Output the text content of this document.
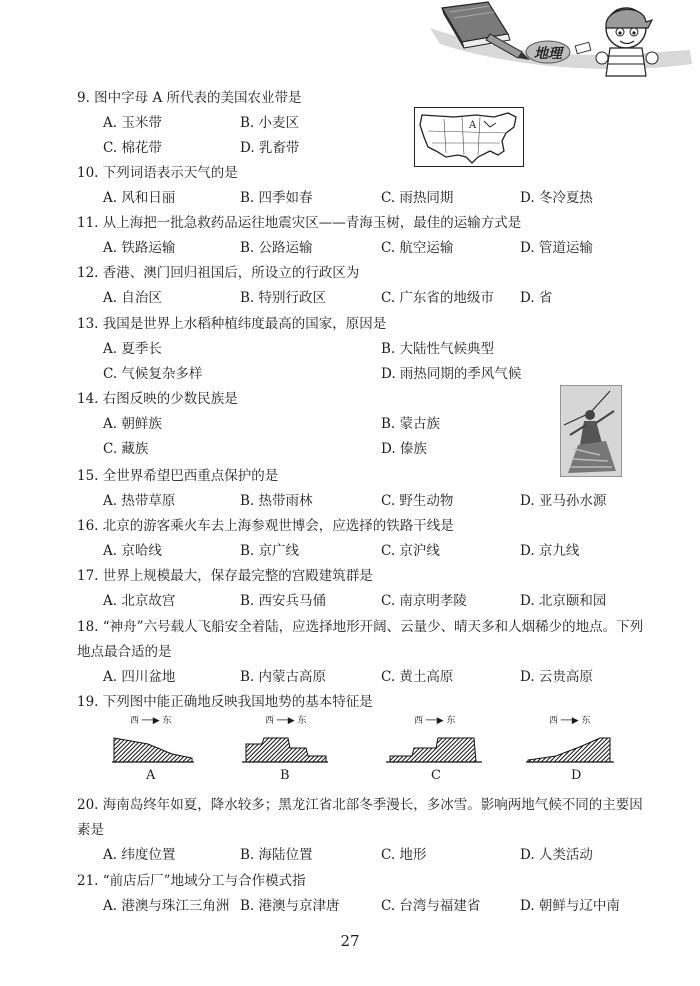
地理
9. 图中字母 A 所代表的美国农业带是
A. 玉米带	B. 小麦区
C. 棉花带	D. 乳畜带
A
10. 下列词语表示天气的是
A. 风和日丽	B. 四季如春	C. 雨热同期	D. 冬冷夏热
11. 从上海把一批急救药品运往地震灾区——青海玉树，最佳的运输方式是
A. 铁路运输	B. 公路运输	C. 航空运输	D. 管道运输
12. 香港、澳门回归祖国后，所设立的行政区为
A. 自治区	B. 特别行政区	C. 广东省的地级市 D. 省
13. 我国是世界上水稻种植纬度最高的国家，原因是
A. 夏季长	B. 大陆性气候典型
C. 气候复杂多样	D. 雨热同期的季风气候
14. 右图反映的少数民族是
A. 朝鲜族	B. 蒙古族
C. 藏族	D. 傣族
15. 全世界希望巴西重点保护的是
A. 热带草原	B. 热带雨林	C. 野生动物	D. 亚马孙水源
16. 北京的游客乘火车去上海参观世博会，应选择的铁路干线是
A. 京哈线	B. 京广线	C. 京沪线	D. 京九线
17. 世界上规模最大，保存最完整的宫殿建筑群是
A. 北京故宫	B. 西安兵马俑	C. 南京明孝陵	D. 北京颐和园
18. “神舟”六号载人飞船安全着陆，应选择地形开阔、云量少、晴天多和人烟稀少的地点。下列
地点最合适的是
A. 四川盆地	B. 内蒙古高原	C. 黄土高原	D. 云贵高原
19. 下列图中能正确地反映我国地势的基本特征是
西 ──▶ 东	西 ──▶ 东	西 ──▶ 东	西 ──▶ 东
A	B	C	D
20. 海南岛终年如夏，降水较多；黑龙江省北部冬季漫长，多冰雪。影响两地气候不同的主要因
素是
A. 纬度位置	B. 海陆位置	C. 地形	D. 人类活动
21. “前店后厂”地域分工与合作模式指
A. 港澳与珠江三角洲 B. 港澳与京津唐	C. 台湾与福建省	D. 朝鲜与辽中南
27
